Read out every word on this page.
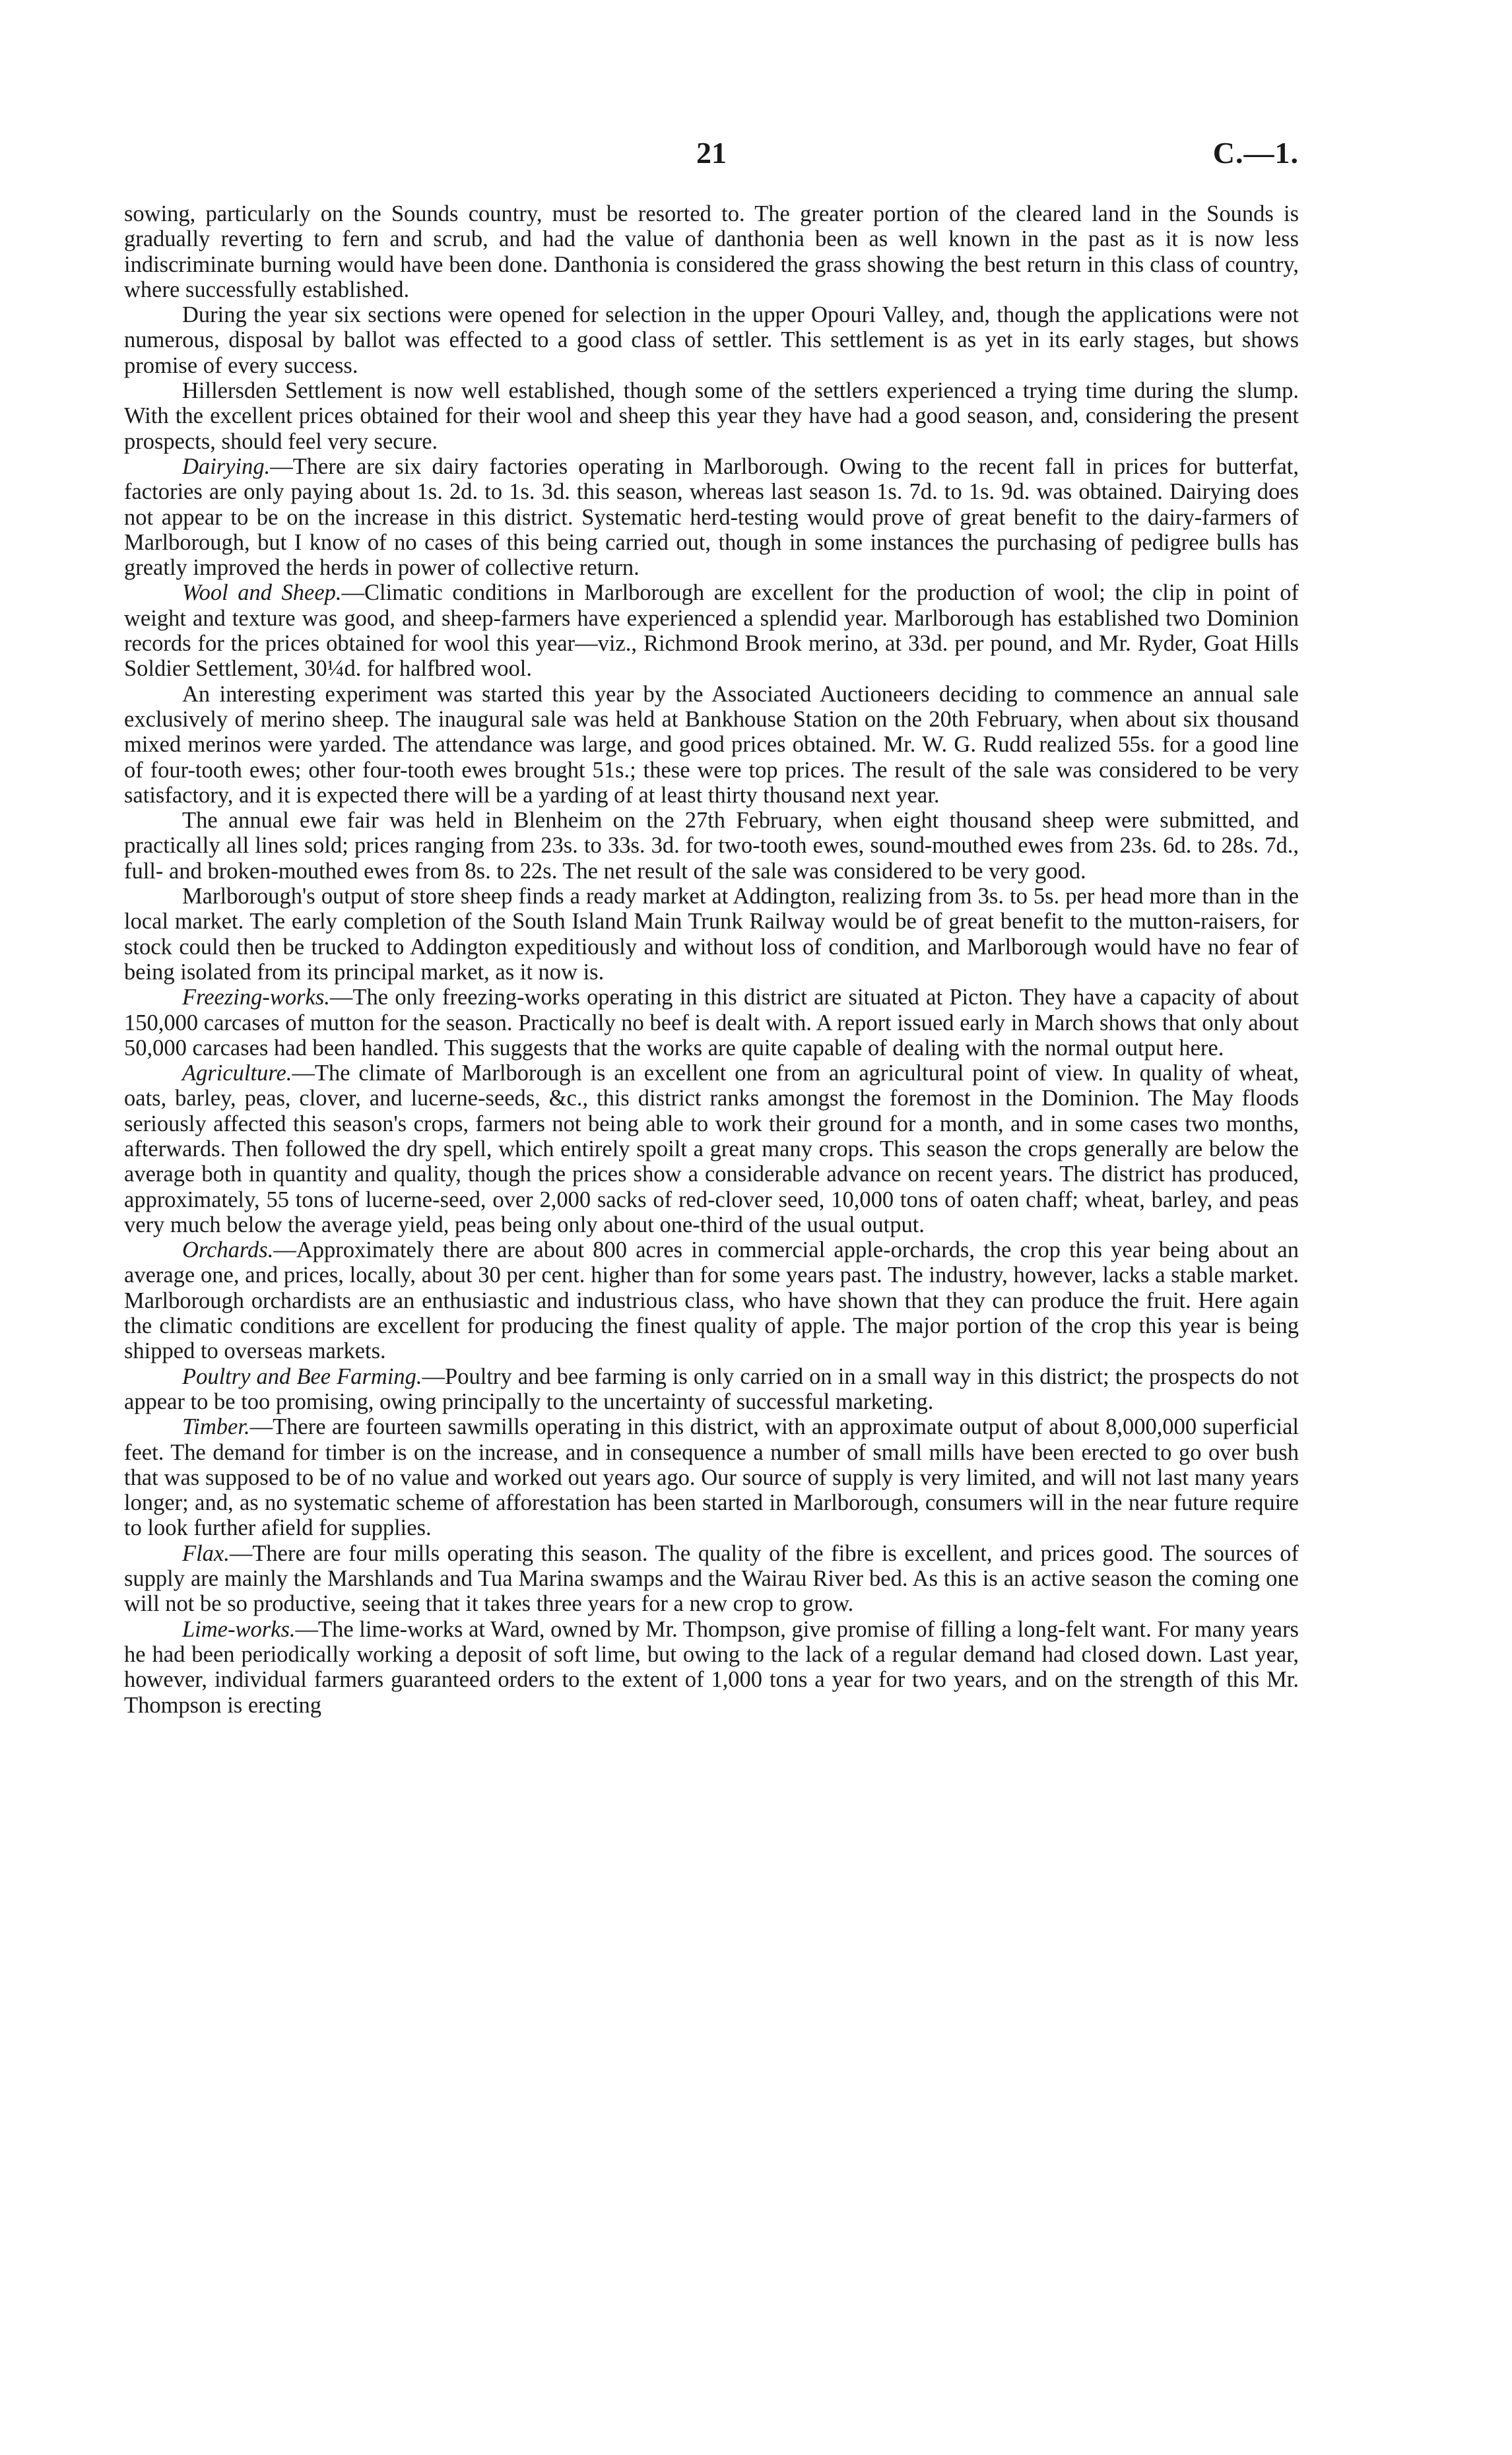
21	C.—1.

sowing, particularly on the Sounds country, must be resorted to. The greater portion of the cleared land in the Sounds is gradually reverting to fern and scrub, and had the value of danthonia been as well known in the past as it is now less indiscriminate burning would have been done. Danthonia is considered the grass showing the best return in this class of country, where successfully established.

During the year six sections were opened for selection in the upper Opouri Valley, and, though the applications were not numerous, disposal by ballot was effected to a good class of settler. This settlement is as yet in its early stages, but shows promise of every success.

Hillersden Settlement is now well established, though some of the settlers experienced a trying time during the slump. With the excellent prices obtained for their wool and sheep this year they have had a good season, and, considering the present prospects, should feel very secure.

Dairying.—There are six dairy factories operating in Marlborough. Owing to the recent fall in prices for butterfat, factories are only paying about 1s. 2d. to 1s. 3d. this season, whereas last season 1s. 7d. to 1s. 9d. was obtained. Dairying does not appear to be on the increase in this district. Systematic herd-testing would prove of great benefit to the dairy-farmers of Marlborough, but I know of no cases of this being carried out, though in some instances the purchasing of pedigree bulls has greatly improved the herds in power of collective return.

Wool and Sheep.—Climatic conditions in Marlborough are excellent for the production of wool; the clip in point of weight and texture was good, and sheep-farmers have experienced a splendid year. Marlborough has established two Dominion records for the prices obtained for wool this year—viz., Richmond Brook merino, at 33d. per pound, and Mr. Ryder, Goat Hills Soldier Settlement, 30¼d. for halfbred wool.

An interesting experiment was started this year by the Associated Auctioneers deciding to commence an annual sale exclusively of merino sheep. The inaugural sale was held at Bankhouse Station on the 20th February, when about six thousand mixed merinos were yarded. The attendance was large, and good prices obtained. Mr. W. G. Rudd realized 55s. for a good line of four-tooth ewes; other four-tooth ewes brought 51s.; these were top prices. The result of the sale was considered to be very satisfactory, and it is expected there will be a yarding of at least thirty thousand next year.

The annual ewe fair was held in Blenheim on the 27th February, when eight thousand sheep were submitted, and practically all lines sold; prices ranging from 23s. to 33s. 3d. for two-tooth ewes, sound-mouthed ewes from 23s. 6d. to 28s. 7d., full- and broken-mouthed ewes from 8s. to 22s. The net result of the sale was considered to be very good.

Marlborough's output of store sheep finds a ready market at Addington, realizing from 3s. to 5s. per head more than in the local market. The early completion of the South Island Main Trunk Railway would be of great benefit to the mutton-raisers, for stock could then be trucked to Addington expeditiously and without loss of condition, and Marlborough would have no fear of being isolated from its principal market, as it now is.

Freezing-works.—The only freezing-works operating in this district are situated at Picton. They have a capacity of about 150,000 carcases of mutton for the season. Practically no beef is dealt with. A report issued early in March shows that only about 50,000 carcases had been handled. This suggests that the works are quite capable of dealing with the normal output here.

Agriculture.—The climate of Marlborough is an excellent one from an agricultural point of view. In quality of wheat, oats, barley, peas, clover, and lucerne-seeds, &c., this district ranks amongst the foremost in the Dominion. The May floods seriously affected this season's crops, farmers not being able to work their ground for a month, and in some cases two months, afterwards. Then followed the dry spell, which entirely spoilt a great many crops. This season the crops generally are below the average both in quantity and quality, though the prices show a considerable advance on recent years. The district has produced, approximately, 55 tons of lucerne-seed, over 2,000 sacks of red-clover seed, 10,000 tons of oaten chaff; wheat, barley, and peas very much below the average yield, peas being only about one-third of the usual output.

Orchards.—Approximately there are about 800 acres in commercial apple-orchards, the crop this year being about an average one, and prices, locally, about 30 per cent. higher than for some years past. The industry, however, lacks a stable market. Marlborough orchardists are an enthusiastic and industrious class, who have shown that they can produce the fruit. Here again the climatic conditions are excellent for producing the finest quality of apple. The major portion of the crop this year is being shipped to overseas markets.

Poultry and Bee Farming.—Poultry and bee farming is only carried on in a small way in this district; the prospects do not appear to be too promising, owing principally to the uncertainty of successful marketing.

Timber.—There are fourteen sawmills operating in this district, with an approximate output of about 8,000,000 superficial feet. The demand for timber is on the increase, and in consequence a number of small mills have been erected to go over bush that was supposed to be of no value and worked out years ago. Our source of supply is very limited, and will not last many years longer; and, as no systematic scheme of afforestation has been started in Marlborough, consumers will in the near future require to look further afield for supplies.

Flax.—There are four mills operating this season. The quality of the fibre is excellent, and prices good. The sources of supply are mainly the Marshlands and Tua Marina swamps and the Wairau River bed. As this is an active season the coming one will not be so productive, seeing that it takes three years for a new crop to grow.

Lime-works.—The lime-works at Ward, owned by Mr. Thompson, give promise of filling a long-felt want. For many years he had been periodically working a deposit of soft lime, but owing to the lack of a regular demand had closed down. Last year, however, individual farmers guaranteed orders to the extent of 1,000 tons a year for two years, and on the strength of this Mr. Thompson is erecting
